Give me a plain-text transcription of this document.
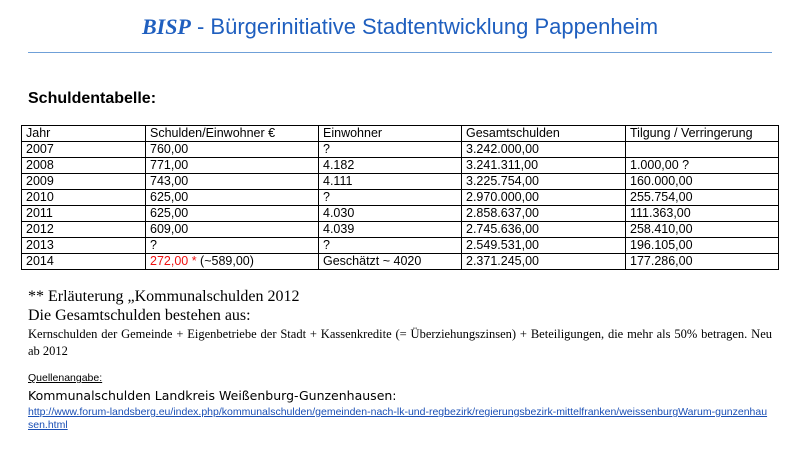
BISP - Bürgerinitiative Stadtentwicklung Pappenheim
Schuldentabelle:
Jahr	Schulden/Einwohner €	Einwohner	Gesamtschulden	Tilgung / Verringerung
2007	760,00	?	3.242.000,00	
2008	771,00	4.182	3.241.311,00	1.000,00 ?
2009	743,00	4.111	3.225.754,00	160.000,00
2010	625,00	?	2.970.000,00	255.754,00
2011	625,00	4.030	2.858.637,00	111.363,00
2012	609,00	4.039	2.745.636,00	258.410,00
2013	?	?	2.549.531,00	196.105,00
2014	272,00 * (~589,00)	Geschätzt ~ 4020	2.371.245,00	177.286,00
** Erläuterung „Kommunalschulden 2012
Die Gesamtschulden bestehen aus:
Kernschulden der Gemeinde + Eigenbetriebe der Stadt + Kassenkredite (= Überziehungszinsen) + Beteiligungen, die mehr als 50% betragen. Neu ab 2012
Quellenangabe:
Kommunalschulden Landkreis Weißenburg-Gunzenhausen:
http://www.forum-landsberg.eu/index.php/kommunalschulden/gemeinden-nach-lk-und-regbezirk/regierungsbezirk-mittelfranken/weissenburgWarum-gunzenhausen.html
